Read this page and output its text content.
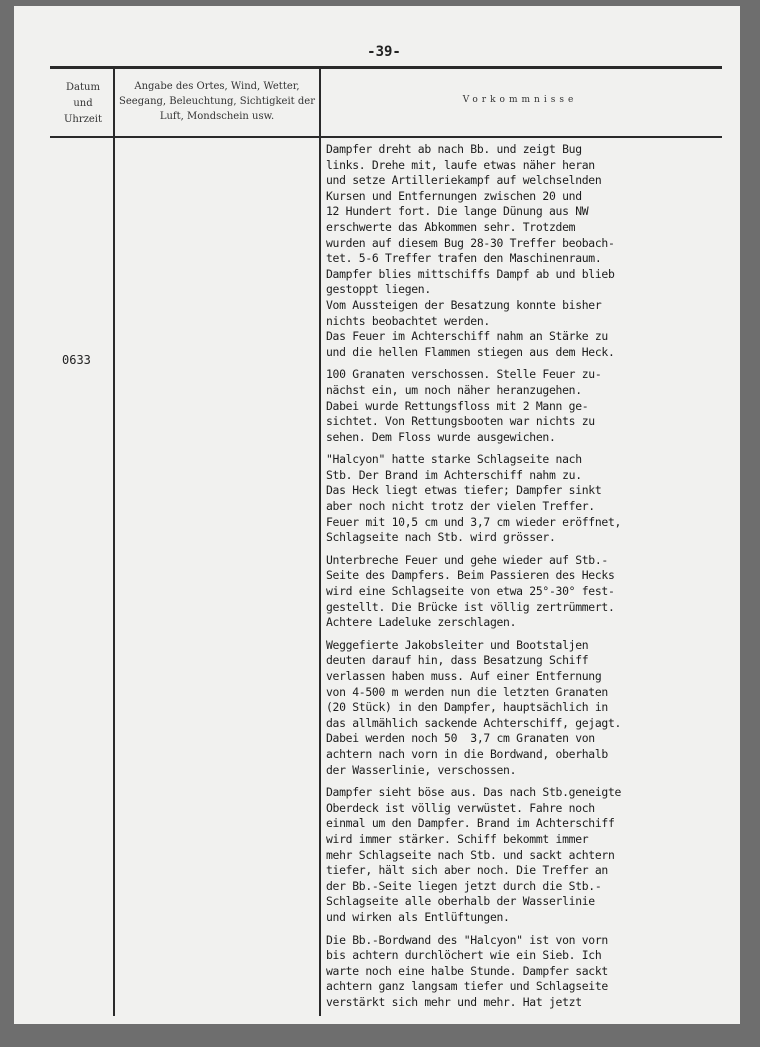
-39-
Datum
und
Uhrzeit
Angabe des Ortes, Wind, Wetter, Seegang, Beleuchtung, Sichtigkeit der Luft, Mondschein usw.
Vorkommnisse
0633
Dampfer dreht ab nach Bb. und zeigt Bug
links. Drehe mit, laufe etwas näher heran
und setze Artilleriekampf auf welchselnden
Kursen und Entfernungen zwischen 20 und
12 Hundert fort. Die lange Dünung aus NW
erschwerte das Abkommen sehr. Trotzdem
wurden auf diesem Bug 28-30 Treffer beobach-
tet. 5-6 Treffer trafen den Maschinenraum.
Dampfer blies mittschiffs Dampf ab und blieb
gestoppt liegen.
Vom Aussteigen der Besatzung konnte bisher
nichts beobachtet werden.
Das Feuer im Achterschiff nahm an Stärke zu
und die hellen Flammen stiegen aus dem Heck.
100 Granaten verschossen. Stelle Feuer zu-
nächst ein, um noch näher heranzugehen.
Dabei wurde Rettungsfloss mit 2 Mann ge-
sichtet. Von Rettungsbooten war nichts zu
sehen. Dem Floss wurde ausgewichen.
"Halcyon" hatte starke Schlagseite nach
Stb. Der Brand im Achterschiff nahm zu.
Das Heck liegt etwas tiefer; Dampfer sinkt
aber noch nicht trotz der vielen Treffer.
Feuer mit 10,5 cm und 3,7 cm wieder eröffnet,
Schlagseite nach Stb. wird grösser.
Unterbreche Feuer und gehe wieder auf Stb.-
Seite des Dampfers. Beim Passieren des Hecks
wird eine Schlagseite von etwa 25°-30° fest-
gestellt. Die Brücke ist völlig zertrümmert.
Achtere Ladeluke zerschlagen.
Weggefierte Jakobsleiter und Bootstaljen
deuten darauf hin, dass Besatzung Schiff
verlassen haben muss. Auf einer Entfernung
von 4-500 m werden nun die letzten Granaten
(20 Stück) in den Dampfer, hauptsächlich in
das allmählich sackende Achterschiff, gejagt.
Dabei werden noch 50  3,7 cm Granaten von
achtern nach vorn in die Bordwand, oberhalb
der Wasserlinie, verschossen.
Dampfer sieht böse aus. Das nach Stb.geneigte
Oberdeck ist völlig verwüstet. Fahre noch
einmal um den Dampfer. Brand im Achterschiff
wird immer stärker. Schiff bekommt immer
mehr Schlagseite nach Stb. und sackt achtern
tiefer, hält sich aber noch. Die Treffer an
der Bb.-Seite liegen jetzt durch die Stb.-
Schlagseite alle oberhalb der Wasserlinie
und wirken als Entlüftungen.
Die Bb.-Bordwand des "Halcyon" ist von vorn
bis achtern durchlöchert wie ein Sieb. Ich
warte noch eine halbe Stunde. Dampfer sackt
achtern ganz langsam tiefer und Schlagseite
verstärkt sich mehr und mehr. Hat jetzt
